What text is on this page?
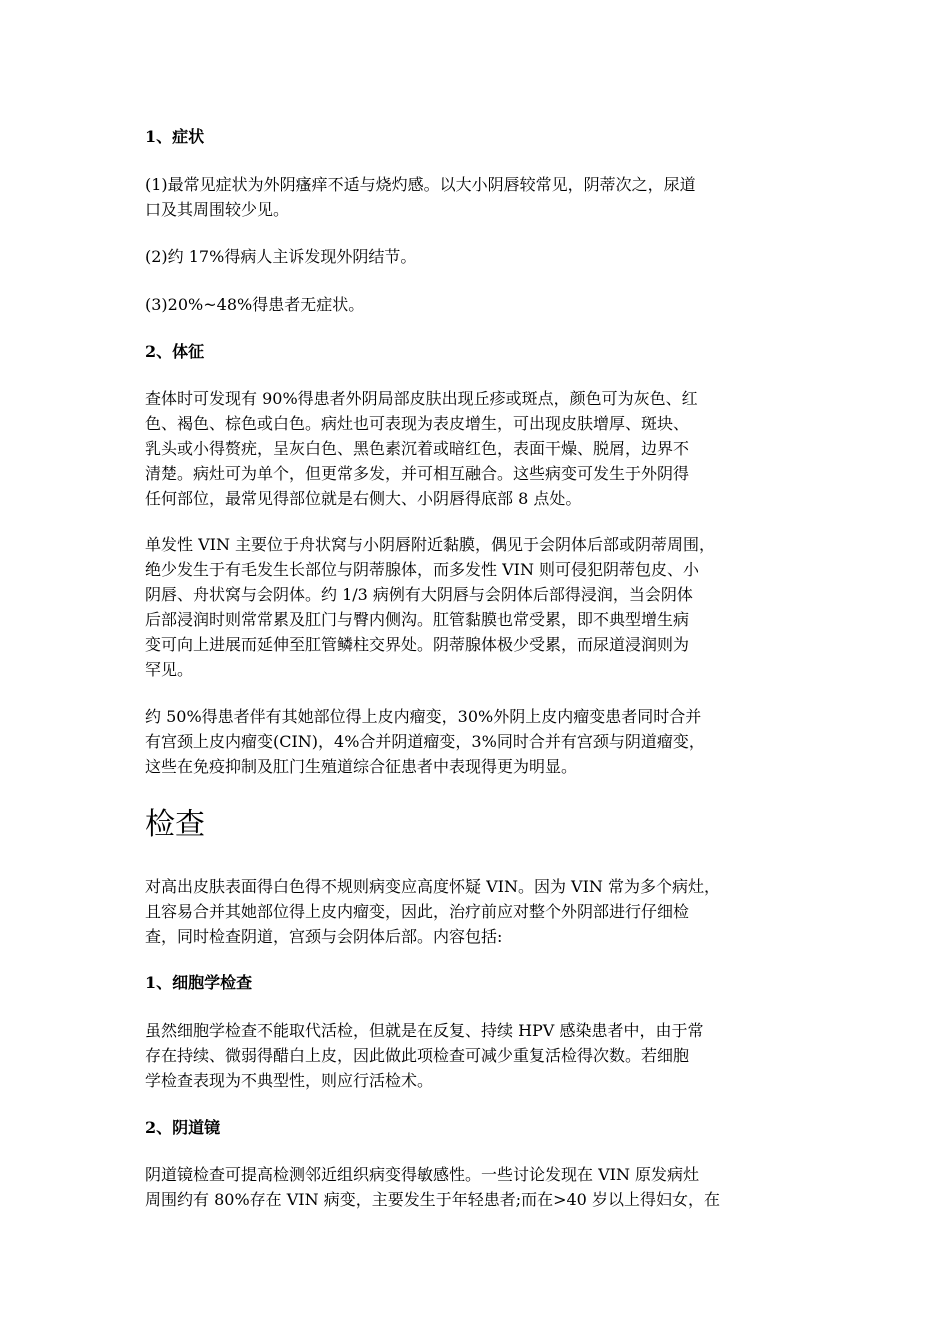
1、症状
(1)最常见症状为外阴瘙痒不适与烧灼感。以大小阴唇较常见，阴蒂次之，尿道
口及其周围较少见。
(2)约 17%得病人主诉发现外阴结节。
(3)20%~48%得患者无症状。
2、体征
查体时可发现有 90%得患者外阴局部皮肤出现丘疹或斑点，颜色可为灰色、红
色、褐色、棕色或白色。病灶也可表现为表皮增生，可出现皮肤增厚、斑块、
乳头或小得赘疣，呈灰白色、黑色素沉着或暗红色，表面干燥、脱屑，边界不
清楚。病灶可为单个，但更常多发，并可相互融合。这些病变可发生于外阴得
任何部位，最常见得部位就是右侧大、小阴唇得底部 8 点处。
单发性 VIN 主要位于舟状窝与小阴唇附近黏膜，偶见于会阴体后部或阴蒂周围，
绝少发生于有毛发生长部位与阴蒂腺体，而多发性 VIN 则可侵犯阴蒂包皮、小
阴唇、舟状窝与会阴体。约 1/3 病例有大阴唇与会阴体后部得浸润，当会阴体
后部浸润时则常常累及肛门与臀内侧沟。肛管黏膜也常受累，即不典型增生病
变可向上进展而延伸至肛管鳞柱交界处。阴蒂腺体极少受累，而尿道浸润则为
罕见。
约 50%得患者伴有其她部位得上皮内瘤变，30%外阴上皮内瘤变患者同时合并
有宫颈上皮内瘤变(CIN)，4%合并阴道瘤变，3%同时合并有宫颈与阴道瘤变，
这些在免疫抑制及肛门生殖道综合征患者中表现得更为明显。
检查
对高出皮肤表面得白色得不规则病变应高度怀疑 VIN。因为 VIN 常为多个病灶，
且容易合并其她部位得上皮内瘤变，因此，治疗前应对整个外阴部进行仔细检
查，同时检查阴道，宫颈与会阴体后部。内容包括:
1、细胞学检查
虽然细胞学检查不能取代活检，但就是在反复、持续 HPV 感染患者中，由于常
存在持续、微弱得醋白上皮，因此做此项检查可减少重复活检得次数。若细胞
学检查表现为不典型性，则应行活检术。
2、阴道镜
阴道镜检查可提高检测邻近组织病变得敏感性。一些讨论发现在 VIN 原发病灶
周围约有 80%存在 VIN 病变，主要发生于年轻患者;而在>40 岁以上得妇女，在
